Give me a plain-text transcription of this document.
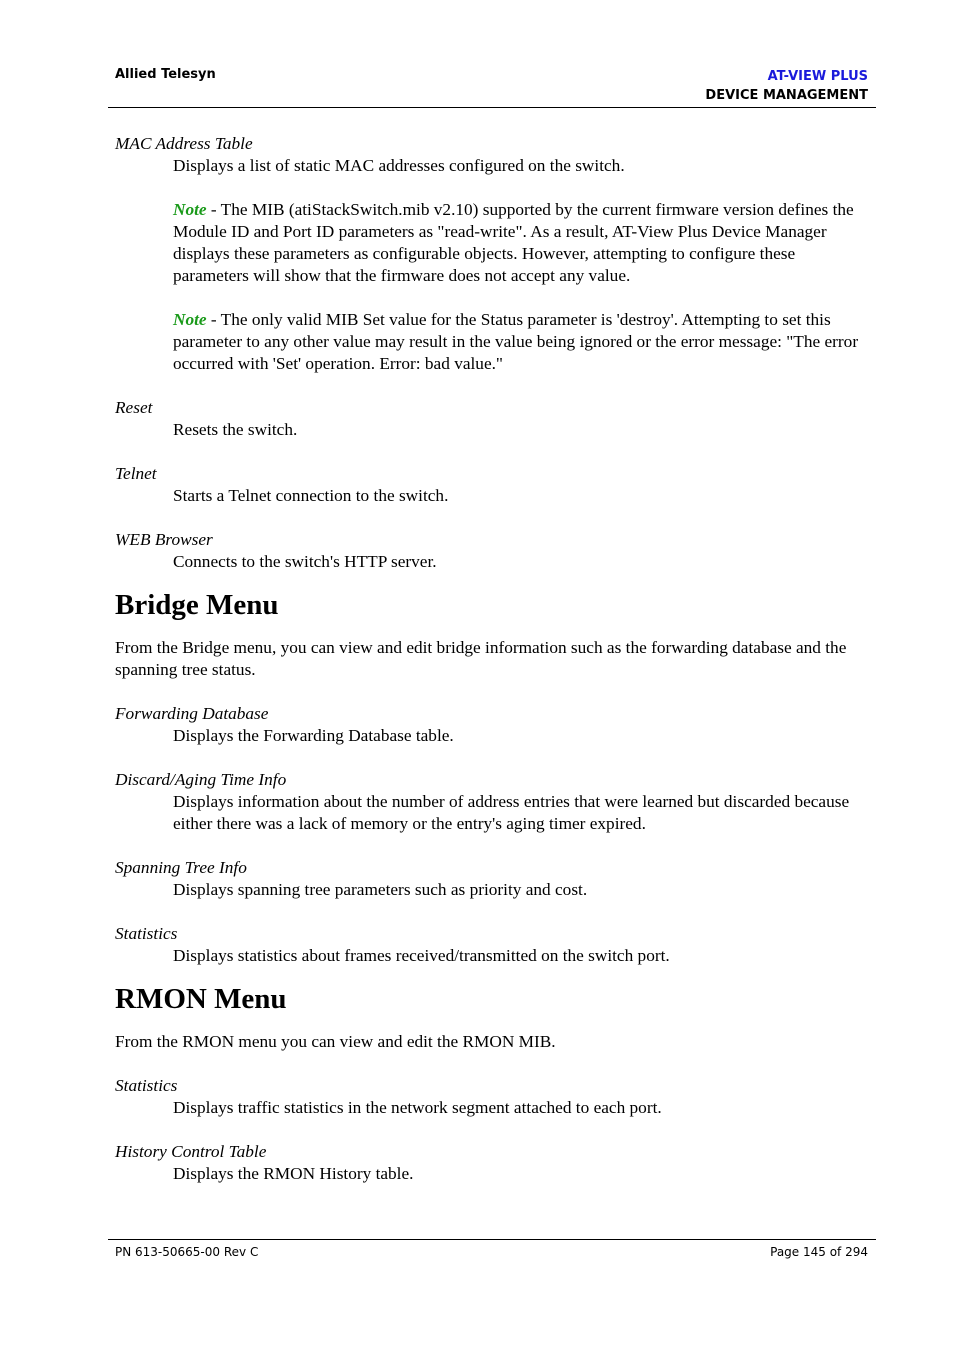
Allied Telesyn	AT-VIEW PLUS
DEVICE MANAGEMENT

MAC Address Table

Displays a list of static MAC addresses configured on the switch.

Note - The MIB (atiStackSwitch.mib v2.10) supported by the current firmware version defines the Module ID and Port ID parameters as "read-write". As a result, AT-View Plus Device Manager displays these parameters as configurable objects. However, attempting to configure these parameters will show that the firmware does not accept any value.

Note - The only valid MIB Set value for the Status parameter is 'destroy'. Attempting to set this parameter to any other value may result in the value being ignored or the error message: "The error occurred with 'Set' operation. Error: bad value."

Reset

Resets the switch.

Telnet

Starts a Telnet connection to the switch.

WEB Browser

Connects to the switch's HTTP server.

Bridge Menu

From the Bridge menu, you can view and edit bridge information such as the forwarding database and the spanning tree status.

Forwarding Database

Displays the Forwarding Database table.

Discard/Aging Time Info

Displays information about the number of address entries that were learned but discarded because either there was a lack of memory or the entry's aging timer expired.

Spanning Tree Info

Displays spanning tree parameters such as priority and cost.

Statistics

Displays statistics about frames received/transmitted on the switch port.

RMON Menu

From the RMON menu you can view and edit the RMON MIB.

Statistics

Displays traffic statistics in the network segment attached to each port.

History Control Table

Displays the RMON History table.

PN 613-50665-00 Rev C	Page 145 of 294
